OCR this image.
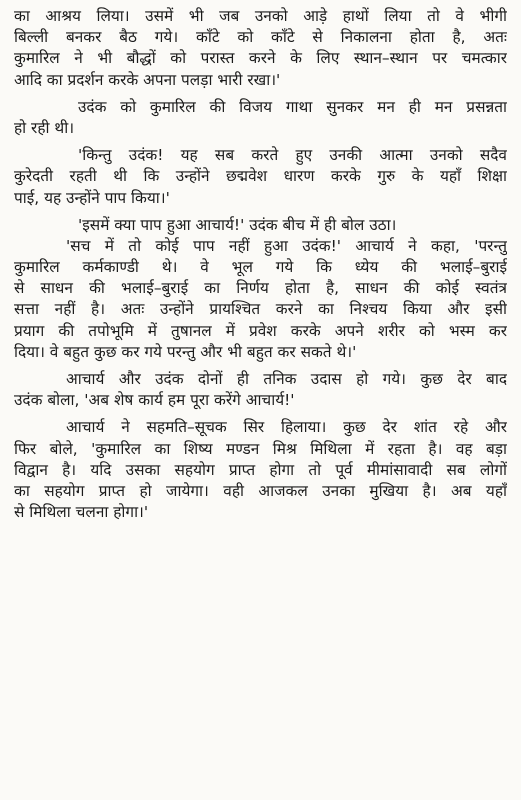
का आश्रय लिया। उसमें भी जब उनको आड़े हाथों लिया तो वे भीगी
बिल्ली बनकर बैठ गये। काँटे को काँटे से निकालना होता है, अतः
कुमारिल ने भी बौद्धों को परास्त करने के लिए स्थान–स्थान पर चमत्कार
आदि का प्रदर्शन करके अपना पलड़ा भारी रखा।'
उदंक को कुमारिल की विजय गाथा सुनकर मन ही मन प्रसन्नता
हो रही थी।
'किन्तु उदंक! यह सब करते हुए उनकी आत्मा उनको सदैव
कुरेदती रहती थी कि उन्होंने छद्मवेश धारण करके गुरु के यहाँ शिक्षा
पाई, यह उन्होंने पाप किया।'
'इसमें क्या पाप हुआ आचार्य!' उदंक बीच में ही बोल उठा।
'सच में तो कोई पाप नहीं हुआ उदंक!' आचार्य ने कहा, 'परन्तु
कुमारिल कर्मकाण्डी थे। वे भूल गये कि ध्येय की भलाई–बुराई
से साधन की भलाई–बुराई का निर्णय होता है, साधन की कोई स्वतंत्र
सत्ता नहीं है। अतः उन्होंने प्रायश्चित करने का निश्चय किया और इसी
प्रयाग की तपोभूमि में तुषानल में प्रवेश करके अपने शरीर को भस्म कर
दिया। वे बहुत कुछ कर गये परन्तु और भी बहुत कर सकते थे।'
आचार्य और उदंक दोनों ही तनिक उदास हो गये। कुछ देर बाद
उदंक बोला, 'अब शेष कार्य हम पूरा करेंगे आचार्य!'
आचार्य ने सहमति–सूचक सिर हिलाया। कुछ देर शांत रहे और
फिर बोले, 'कुमारिल का शिष्य मण्डन मिश्र मिथिला में रहता है। वह बड़ा
विद्वान है। यदि उसका सहयोग प्राप्त होगा तो पूर्व मीमांसावादी सब लोगों
का सहयोग प्राप्त हो जायेगा। वही आजकल उनका मुखिया है। अब यहाँ
से मिथिला चलना होगा।'
